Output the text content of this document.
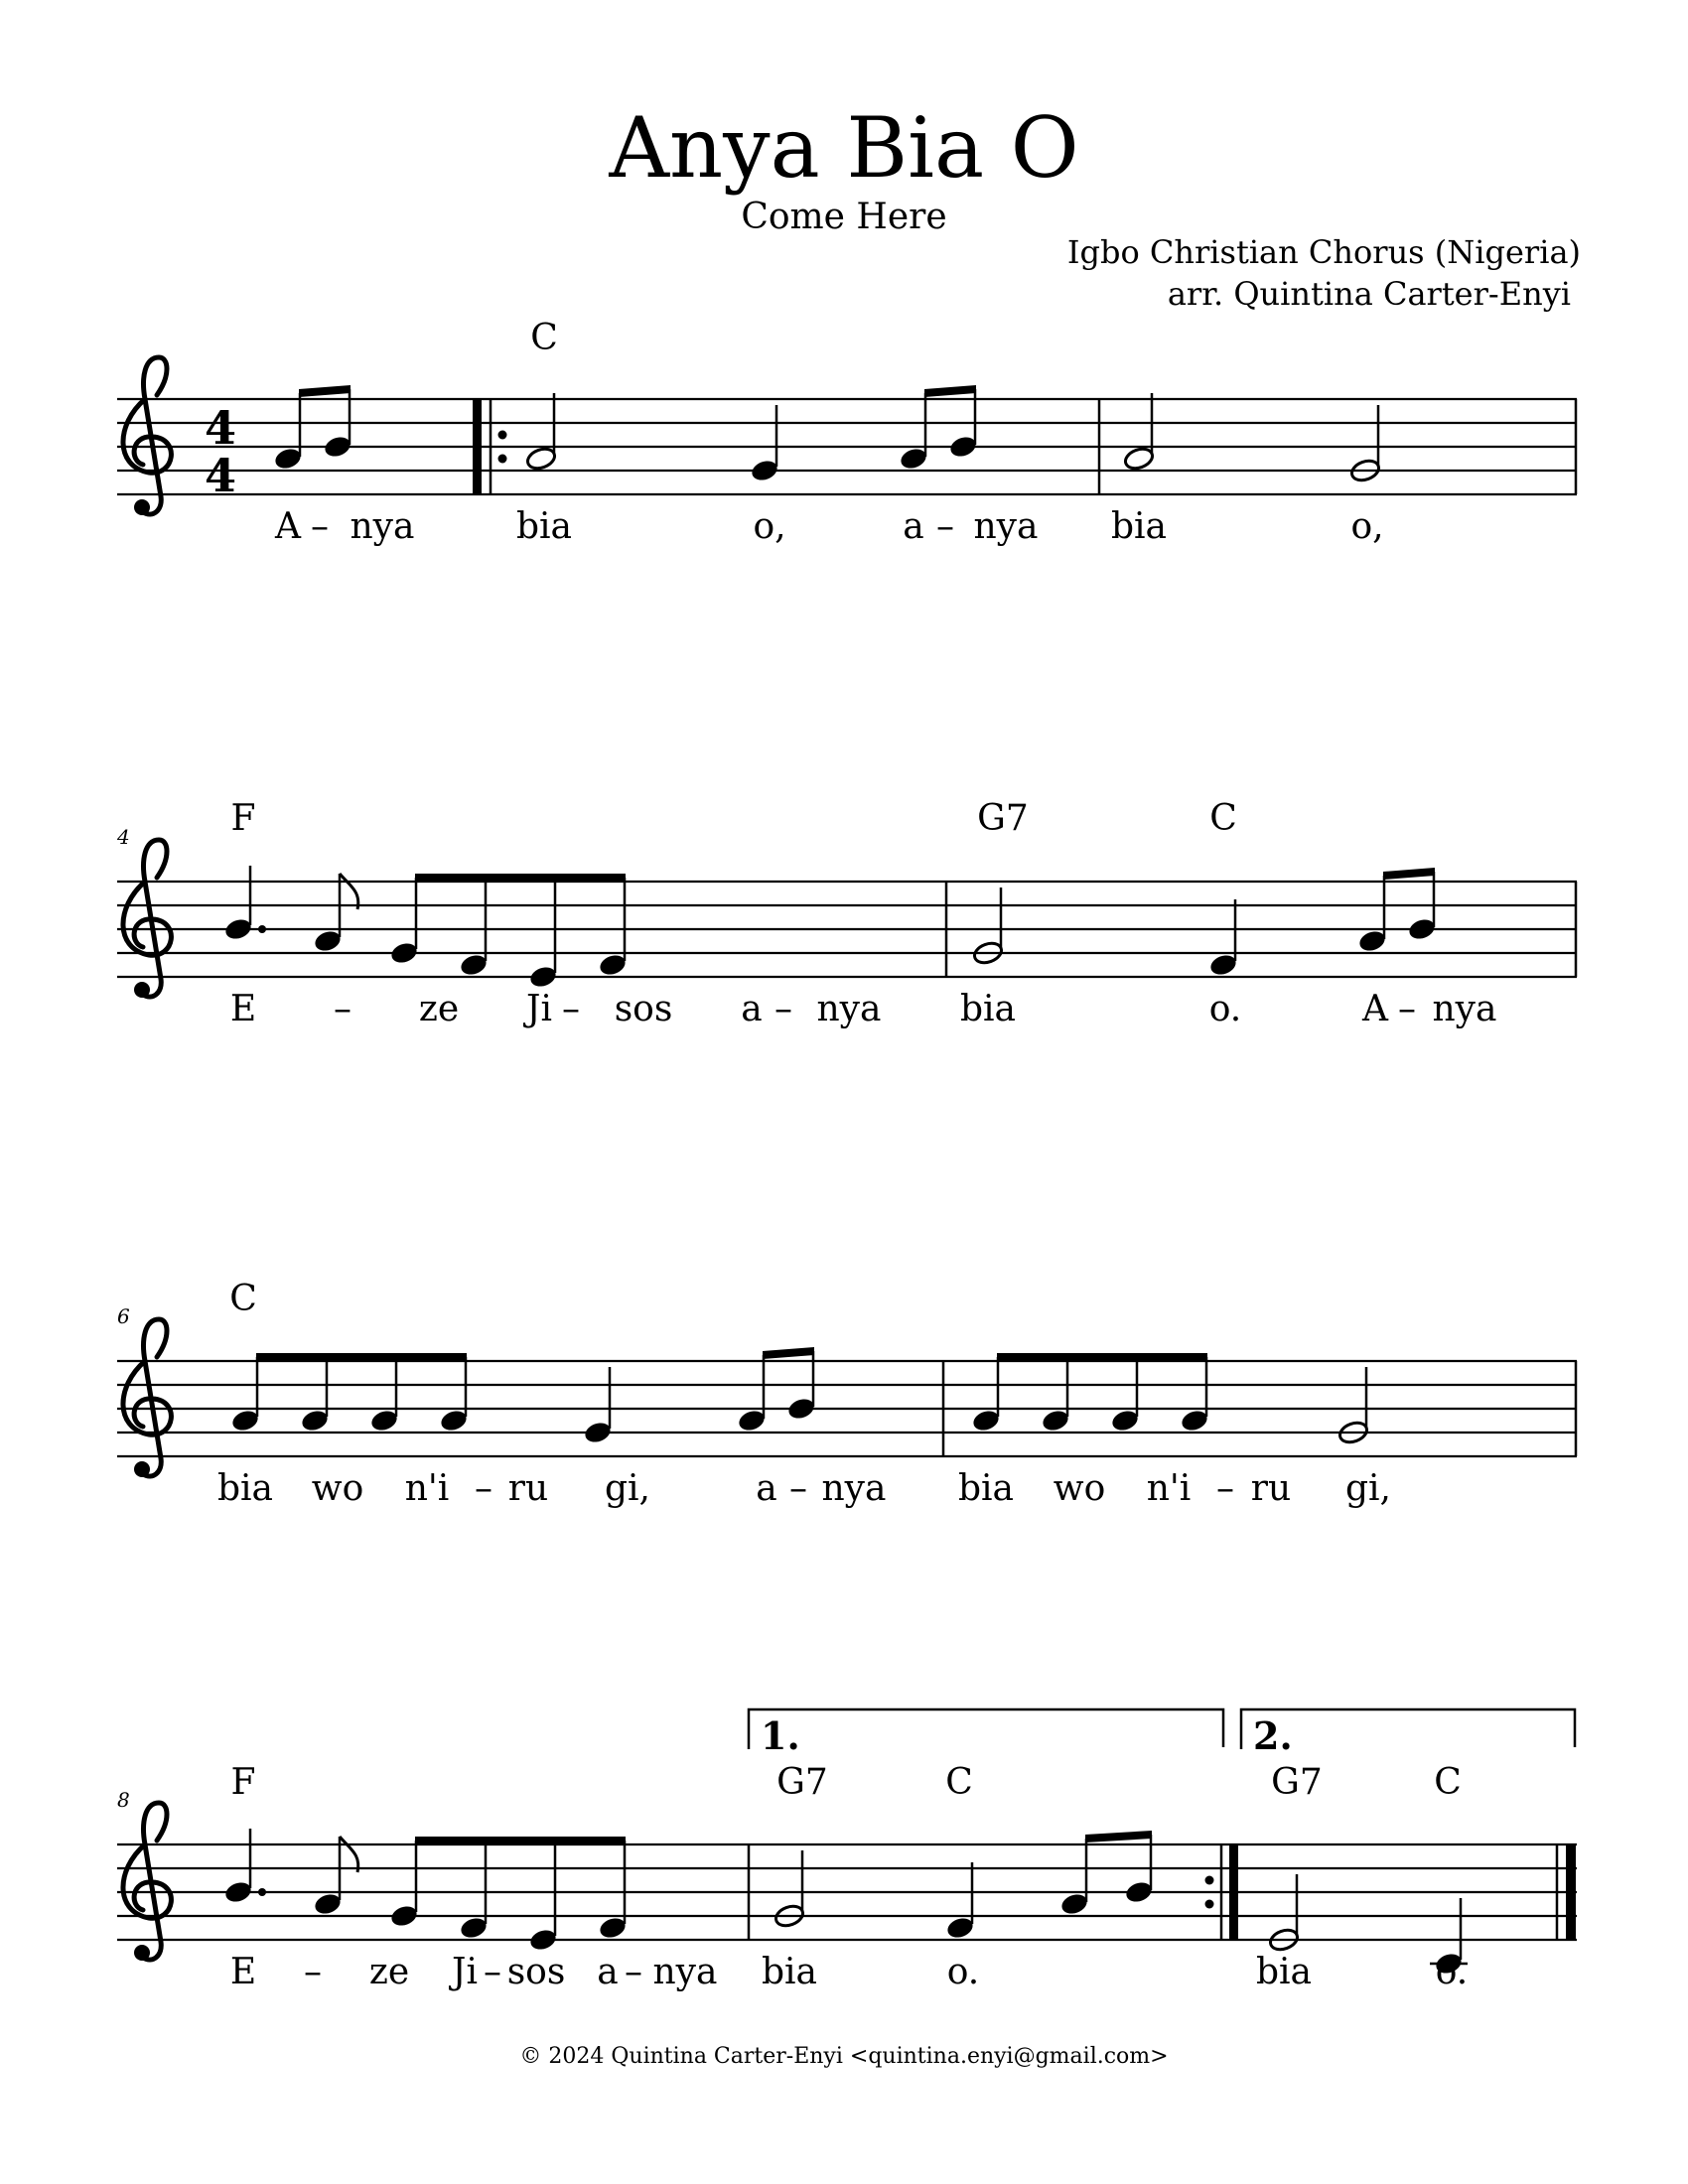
Anya Bia O
Come Here
Igbo Christian Chorus (Nigeria)
arr. Quintina Carter-Enyi
4
4
C
A – nya	bia	o,	a – nya bia	o,
4	F	G7	C
E – ze Ji – sos a – nya bia	o.	A – nya
6	C
bia wo n'i – ru gi,	a – nya bia wo n'i – ru gi,
8
1.	2.
F	G7	C	G7	C
E – ze Ji – sos a – nya bia	o.	bia	o.
© 2024 Quintina Carter-Enyi <quintina.enyi@gmail.com>
